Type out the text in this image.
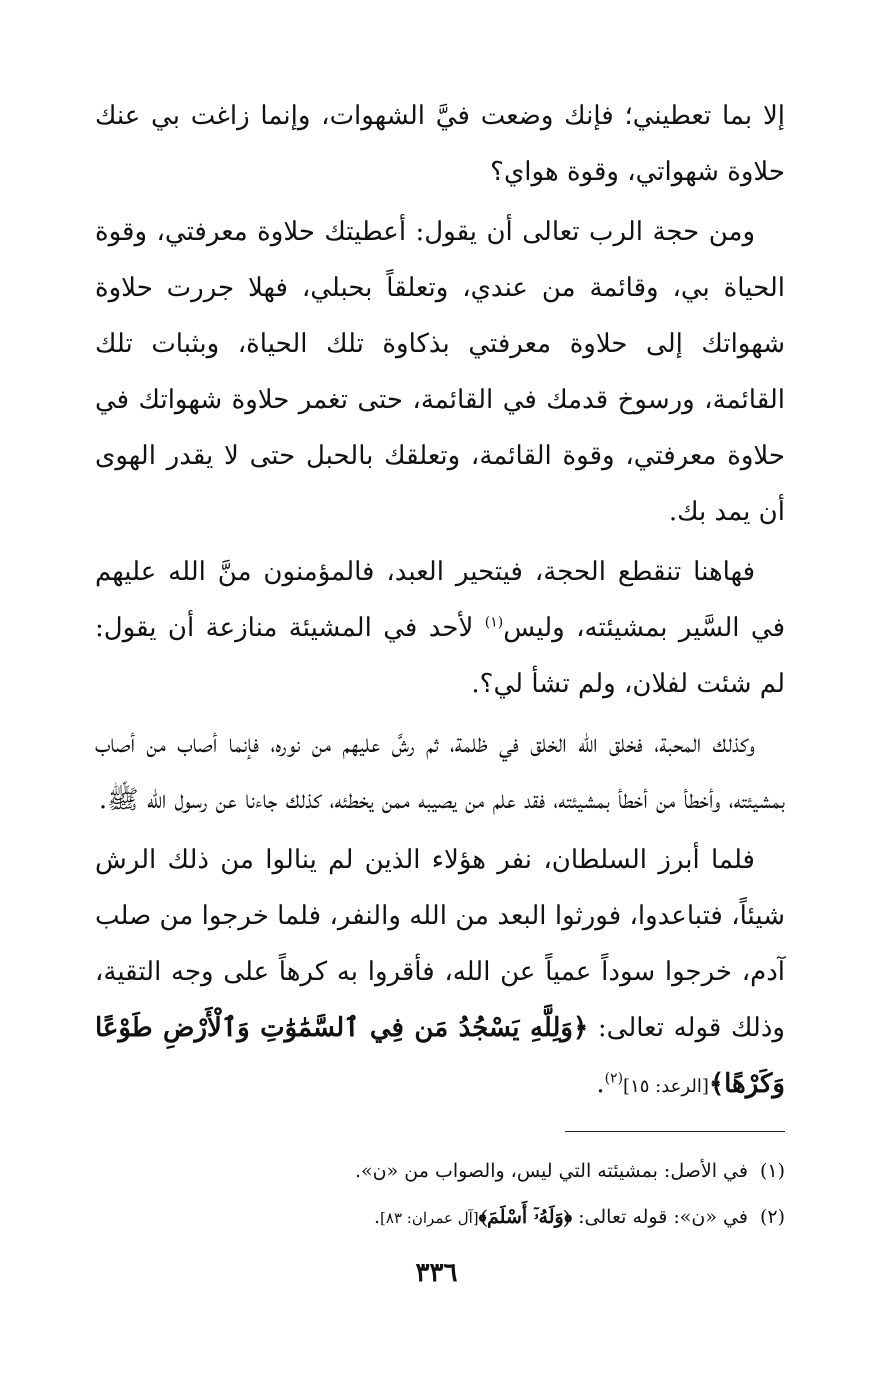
إلا بما تعطيني؛ فإنك وضعت فيَّ الشهوات، وإنما زاغت بي عنك حلاوة شهواتي، وقوة هواي؟

ومن حجة الرب تعالى أن يقول: أعطيتك حلاوة معرفتي، وقوة الحياة بي، وقائمة من عندي، وتعلقاً بحبلي، فهلا جررت حلاوة شهواتك إلى حلاوة معرفتي بذكاوة تلك الحياة، وبثبات تلك القائمة، ورسوخ قدمك في القائمة، حتى تغمر حلاوة شهواتك في حلاوة معرفتي، وقوة القائمة، وتعلقك بالحبل حتى لا يقدر الهوى أن يمد بك.

فهاهنا تنقطع الحجة، فيتحير العبد، فالمؤمنون منَّ الله عليهم في السَّير بمشيئته، وليس$^{(١)}$ لأحد في المشيئة منازعة أن يقول: لم شئت لفلان، ولم تشأ لي؟.

وكذلك المحبة، فخلق الله الخلق في ظلمة، ثم رشَّ عليهم من نوره، فإنما أصاب من أصاب بمشيئته، وأخطأ من أخطأ بمشيئته، فقد علم من يصيبه ممن يخطئه، كذلك جاءنا عن رسول الله ﷺ.

فلما أبرز السلطان، نفر هؤلاء الذين لم ينالوا من ذلك الرش شيئاً، فتباعدوا، فورثوا البعد من الله والنفر، فلما خرجوا من صلب آدم، خرجوا سوداً عمياً عن الله، فأقروا به كرهاً على وجه التقية، وذلك قوله تعالى: ﴿وَلِلَّهِ يَسْجُدُ مَن فِي ٱلسَّمَٰوَٰتِ وَٱلْأَرْضِ طَوْعًا وَكَرْهًا﴾[الرعد: ١٥]$^{(٢)}$.

(١)في الأصل: بمشيئته التي ليس، والصواب من «ن».
(٢)في «ن»: قوله تعالى: ﴿وَلَهُۥٓ أَسْلَمَ﴾[آل عمران: ٨٣].
٣٣٦
